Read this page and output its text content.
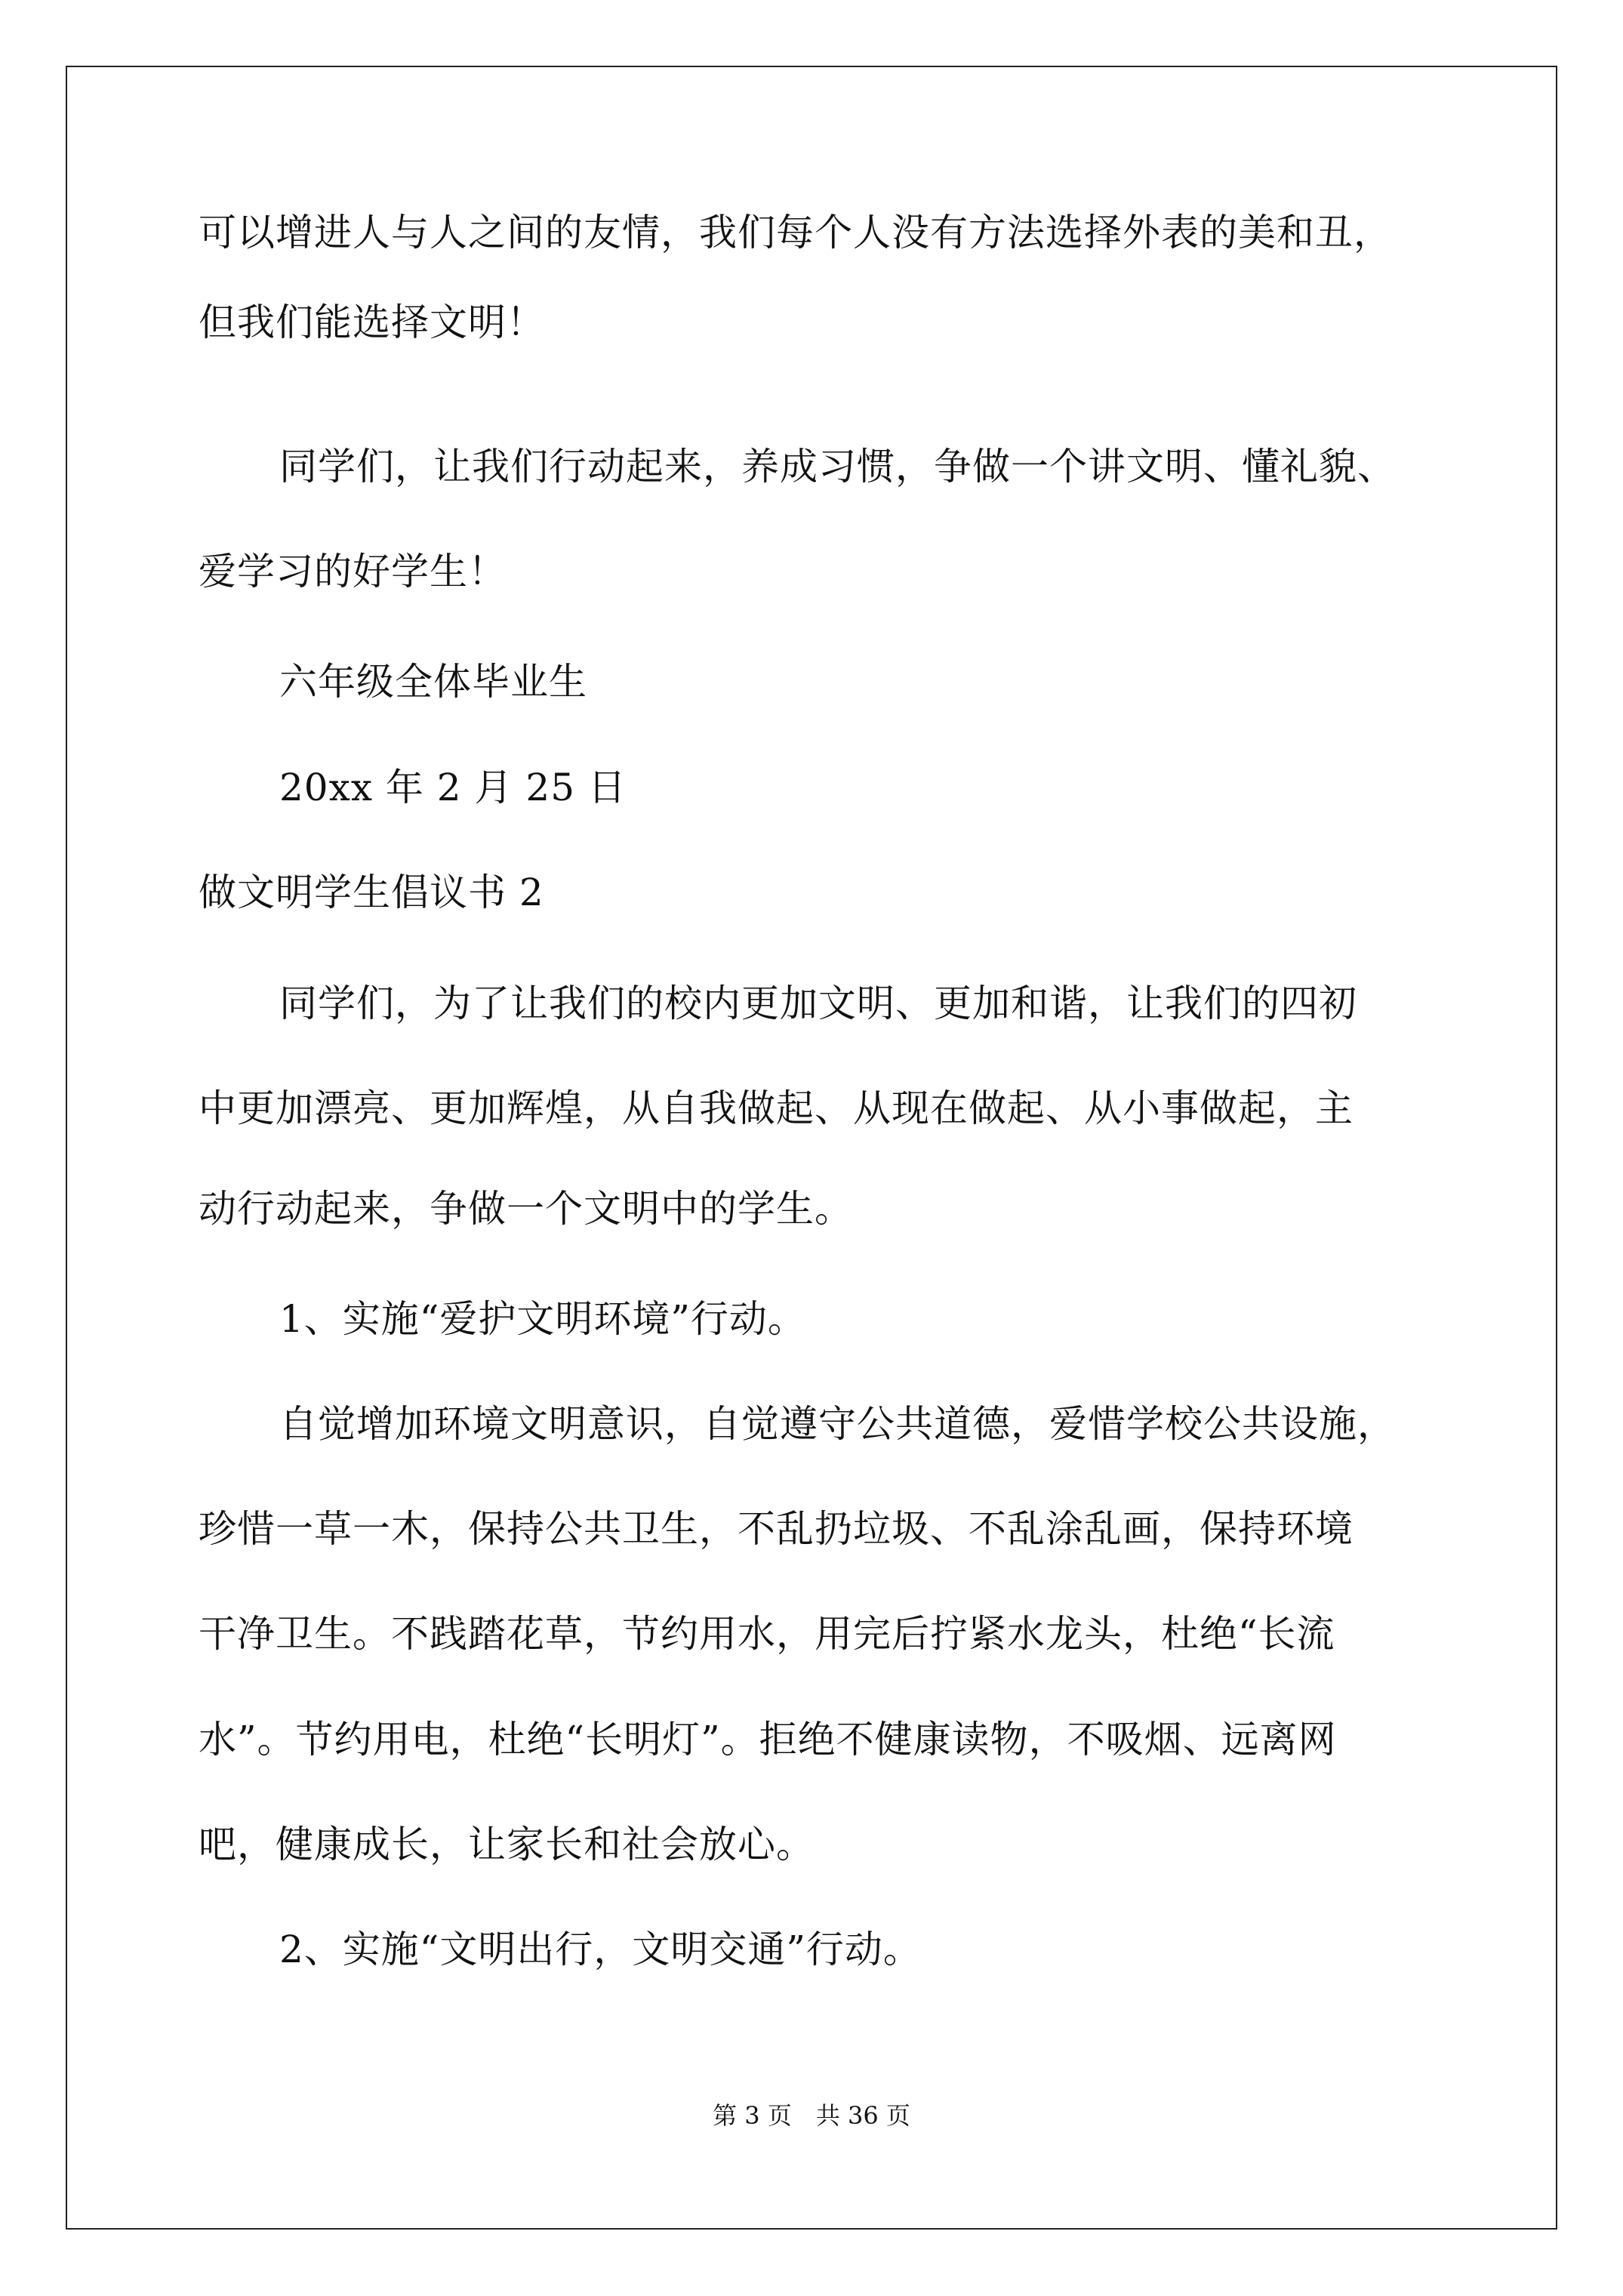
可以增进人与人之间的友情，我们每个人没有方法选择外表的美和丑，
但我们能选择文明！
同学们，让我们行动起来，养成习惯，争做一个讲文明、懂礼貌、
爱学习的好学生！
六年级全体毕业生
20xx 年 2 月 25 日
做文明学生倡议书 2
同学们，为了让我们的校内更加文明、更加和谐，让我们的四初
中更加漂亮、更加辉煌，从自我做起、从现在做起、从小事做起，主
动行动起来，争做一个文明中的学生。
1、实施“爱护文明环境”行动。
自觉增加环境文明意识，自觉遵守公共道德，爱惜学校公共设施，
珍惜一草一木，保持公共卫生，不乱扔垃圾、不乱涂乱画，保持环境
干净卫生。不践踏花草，节约用水，用完后拧紧水龙头，杜绝“长流
水”。节约用电，杜绝“长明灯”。拒绝不健康读物，不吸烟、远离网
吧，健康成长，让家长和社会放心。
2、实施“文明出行，文明交通”行动。
第 3 页　共 36 页
